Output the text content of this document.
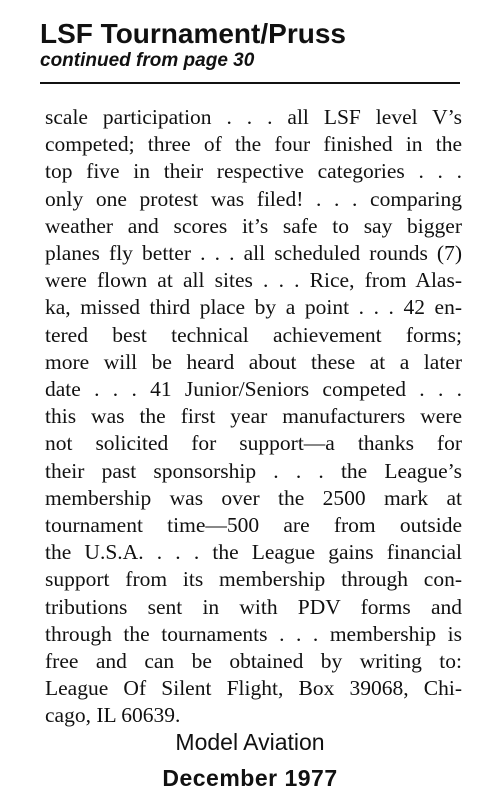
LSF Tournament/Pruss

continued from page 30

scale participation . . . all LSF level V’s
competed; three of the four finished in the
top five in their respective categories . . .
only one protest was filed! . . . comparing
weather and scores it’s safe to say bigger
planes fly better . . . all scheduled rounds (7)
were flown at all sites . . . Rice, from Alas-
ka, missed third place by a point . . . 42 en-
tered best technical achievement forms;
more will be heard about these at a later
date . . . 41 Junior/Seniors competed . . .
this was the first year manufacturers were
not solicited for support—a thanks for
their past sponsorship . . . the League’s
membership was over the 2500 mark at
tournament time—500 are from outside
the U.S.A. . . . the League gains financial
support from its membership through con-
tributions sent in with PDV forms and
through the tournaments . . . membership is
free and can be obtained by writing to:
League Of Silent Flight, Box 39068, Chi-
cago, IL 60639.

Model Aviation

December 1977
